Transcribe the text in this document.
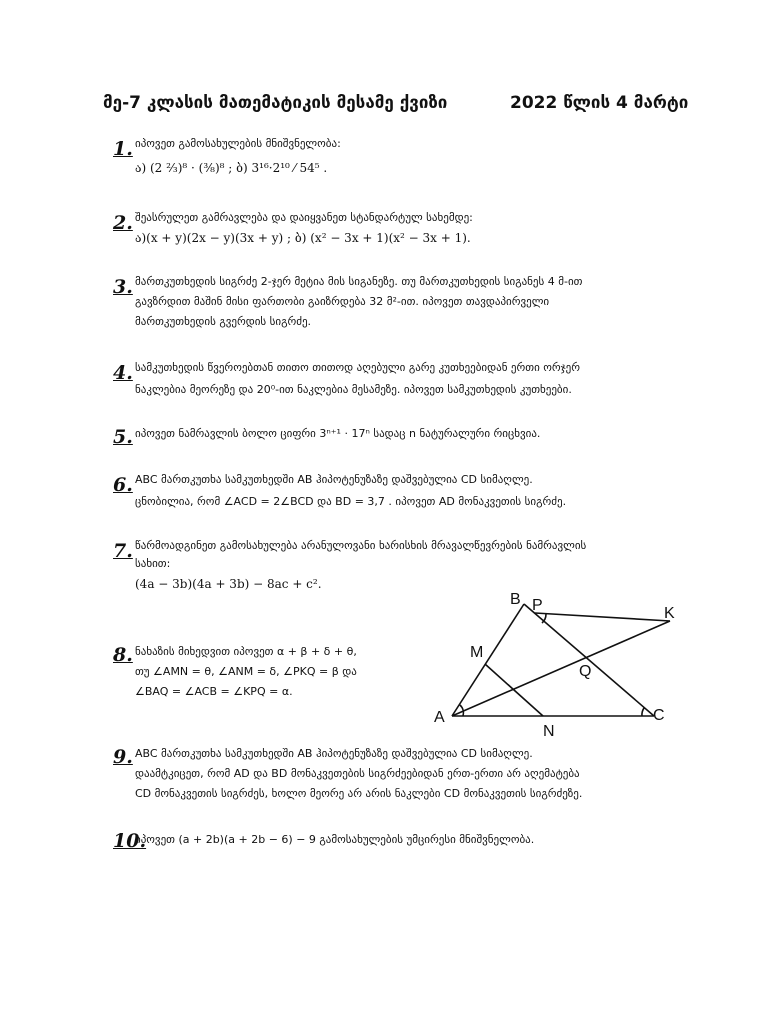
მე-7 კლასის მათემატიკის მესამე ქვიზი	2022 წლის 4 მარტი
1. იპოვეთ გამოსახულების მნიშვნელობა:
ა) (2 ²⁄₃)⁸ · (³⁄₈)⁸ ; ბ) 3¹⁶·2¹⁰ ⁄ 54⁵ .
2. შეასრულეთ გამრავლება და დაიყვანეთ სტანდარტულ სახემდე:
ა)(x + y)(2x − y)(3x + y) ; ბ) (x² − 3x + 1)(x² − 3x + 1).
3. მართკუთხედის სიგრძე 2-ჯერ მეტია მის სიგანეზე. თუ მართკუთხედის სიგანეს 4 მ-ით
გავზრდით მაშინ მისი ფართობი გაიზრდება 32 მ²-ით. იპოვეთ თავდაპირველი
მართკუთხედის გვერდის სიგრძე.
4. სამკუთხედის წვეროებთან თითო თითოდ აღებული გარე კუთხეებიდან ერთი ორჯერ
ნაკლებია მეორეზე და 20⁰-ით ნაკლებია მესამეზე. იპოვეთ სამკუთხედის კუთხეები.
5. იპოვეთ ნამრავლის ბოლო ციფრი 3ⁿ⁺¹ · 17ⁿ სადაც n ნატურალური რიცხვია.
6. ABC მართკუთხა სამკუთხედში AB ჰიპოტენუზაზე დაშვებულია CD სიმაღლე.
ცნობილია, რომ ∠ACD = 2∠BCD და BD = 3,7 . იპოვეთ AD მონაკვეთის სიგრძე.
7. წარმოადგინეთ გამოსახულება არანულოვანი ხარისხის მრავალწევრების ნამრავლის
სახით:
(4a − 3b)(4a + 3b) − 8ac + c².
8. ნახაზის მიხედვით იპოვეთ α + β + δ + θ,
თუ ∠AMN = θ, ∠ANM = δ, ∠PKQ = β და
∠BAQ = ∠ACB = ∠KPQ = α.
B P	K
M
Q
A	C
N
9. ABC მართკუთხა სამკუთხედში AB ჰიპოტენუზაზე დაშვებულია CD სიმაღლე.
დაამტკიცეთ, რომ AD და BD მონაკვეთების სიგრძეებიდან ერთ-ერთი არ აღემატება
CD მონაკვეთის სიგრძეს, ხოლო მეორე არ არის ნაკლები CD მონაკვეთის სიგრძეზე.
10.
იპოვეთ (a + 2b)(a + 2b − 6) − 9 გამოსახულების უმცირესი მნიშვნელობა.
